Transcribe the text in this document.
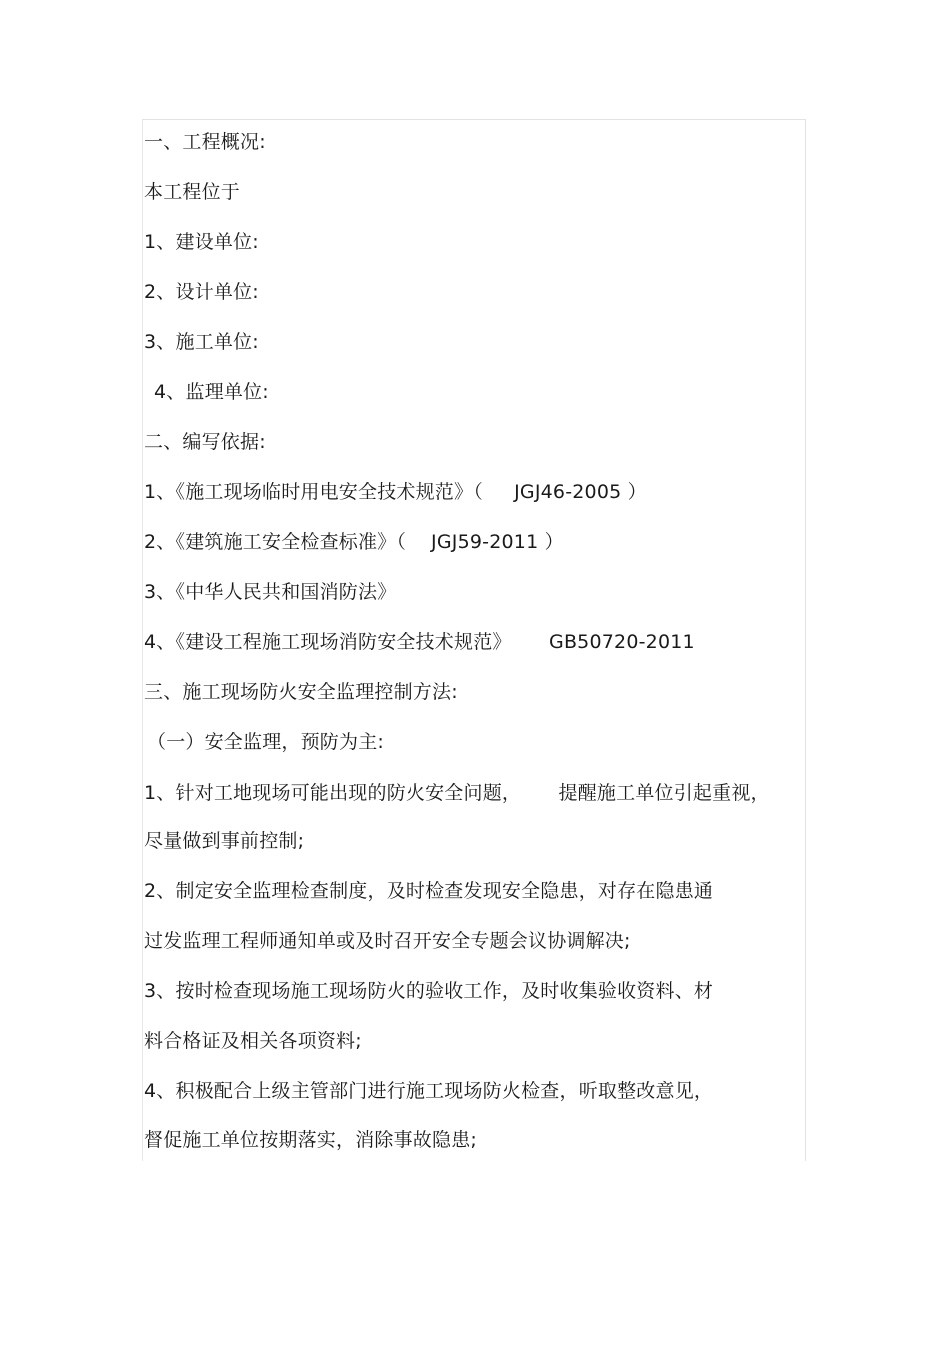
一、工程概况:
本工程位于
1、建设单位:
2、设计单位:
3、施工单位:
4、监理单位:
二、编写依据:
1、《施工现场临时用电安全技术规范》（     JGJ46-2005 ）
2、《建筑施工安全检查标准》（    JGJ59-2011 ）
3、《中华人民共和国消防法》
4、《建设工程施工现场消防安全技术规范》      GB50720-2011
三、施工现场防火安全监理控制方法:
（一）安全监理，预防为主:
1、针对工地现场可能出现的防火安全问题，      提醒施工单位引起重视，
尽量做到事前控制;
2、制定安全监理检查制度，及时检查发现安全隐患，对存在隐患通
过发监理工程师通知单或及时召开安全专题会议协调解决;
3、按时检查现场施工现场防火的验收工作，及时收集验收资料、材
料合格证及相关各项资料;
4、积极配合上级主管部门进行施工现场防火检查，听取整改意见，
督促施工单位按期落实，消除事故隐患;
